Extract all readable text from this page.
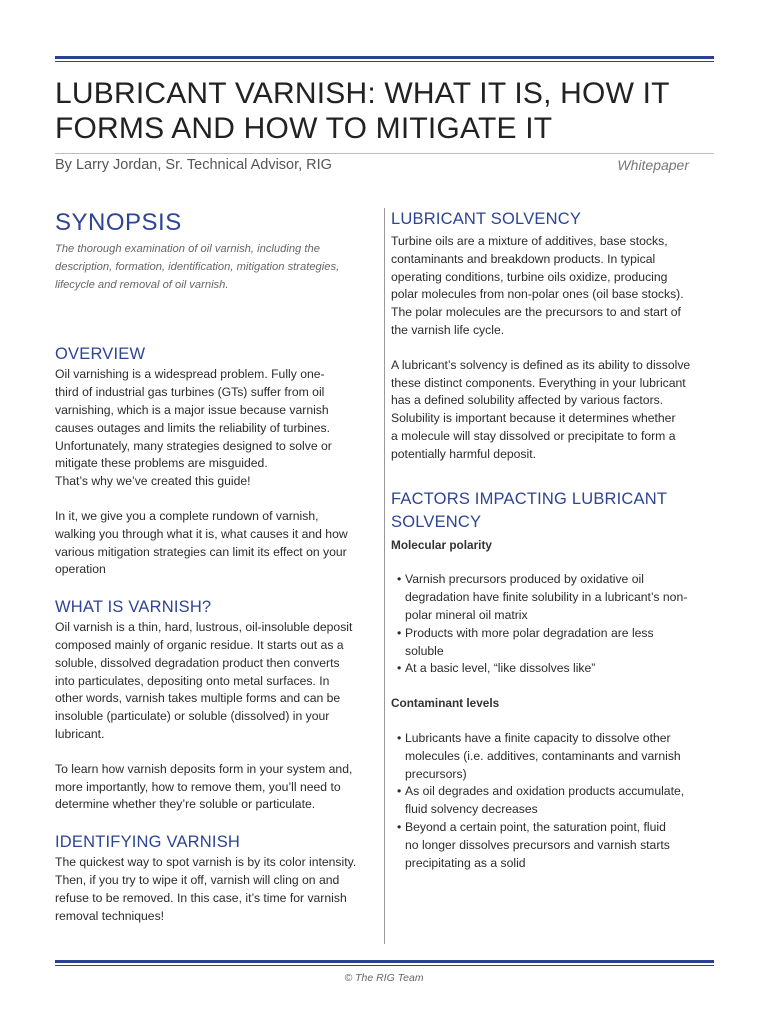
LUBRICANT VARNISH: WHAT IT IS, HOW IT
FORMS AND HOW TO MITIGATE IT
By Larry Jordan, Sr. Technical Advisor, RIG	Whitepaper
SYNOPSIS

The thorough examination of oil varnish, including the

description, formation, identification, mitigation strategies,

lifecycle and removal of oil varnish.

OVERVIEW

Oil varnishing is a widespread problem. Fully one-

third of industrial gas turbines (GTs) suffer from oil

varnishing, which is a major issue because varnish

causes outages and limits the reliability of turbines.

Unfortunately, many strategies designed to solve or

mitigate these problems are misguided.

That’s why we’ve created this guide!

In it, we give you a complete rundown of varnish,

walking you through what it is, what causes it and how

various mitigation strategies can limit its effect on your

operation

WHAT IS VARNISH?

Oil varnish is a thin, hard, lustrous, oil-insoluble deposit

composed mainly of organic residue. It starts out as a

soluble, dissolved degradation product then converts

into particulates, depositing onto metal surfaces. In

other words, varnish takes multiple forms and can be

insoluble (particulate) or soluble (dissolved) in your

lubricant.

To learn how varnish deposits form in your system and,

more importantly, how to remove them, you’ll need to

determine whether they’re soluble or particulate.

IDENTIFYING VARNISH

The quickest way to spot varnish is by its color intensity.

Then, if you try to wipe it off, varnish will cling on and

refuse to be removed. In this case, it’s time for varnish

removal techniques!

LUBRICANT SOLVENCY

Turbine oils are a mixture of additives, base stocks,

contaminants and breakdown products. In typical

operating conditions, turbine oils oxidize, producing

polar molecules from non-polar ones (oil base stocks).

The polar molecules are the precursors to and start of

the varnish life cycle.

A lubricant’s solvency is defined as its ability to dissolve

these distinct components. Everything in your lubricant

has a defined solubility affected by various factors.

Solubility is important because it determines whether

a molecule will stay dissolved or precipitate to form a

potentially harmful deposit.

FACTORS IMPACTING LUBRICANT
SOLVENCY

Molecular polarity

• Varnish precursors produced by oxidative oil
degradation have finite solubility in a lubricant’s non-
polar mineral oil matrix
• Products with more polar degradation are less
soluble
• At a basic level, “like dissolves like”

Contaminant levels

• Lubricants have a finite capacity to dissolve other
molecules (i.e. additives, contaminants and varnish
precursors)
• As oil degrades and oxidation products accumulate,
fluid solvency decreases
• Beyond a certain point, the saturation point, fluid
no longer dissolves precursors and varnish starts
precipitating as a solid
© The RIG Team
